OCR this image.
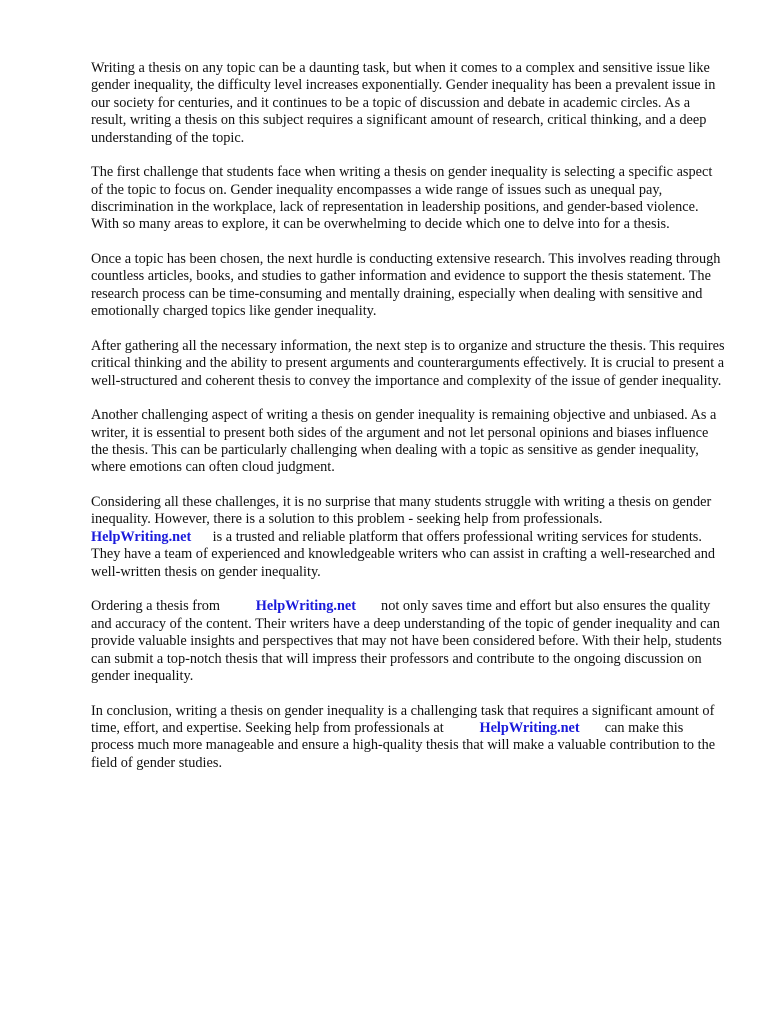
Writing a thesis on any topic can be a daunting task, but when it comes to a complex and sensitive issue like gender inequality, the difficulty level increases exponentially. Gender inequality has been a prevalent issue in our society for centuries, and it continues to be a topic of discussion and debate in academic circles. As a result, writing a thesis on this subject requires a significant amount of research, critical thinking, and a deep understanding of the topic.

The first challenge that students face when writing a thesis on gender inequality is selecting a specific aspect of the topic to focus on. Gender inequality encompasses a wide range of issues such as unequal pay, discrimination in the workplace, lack of representation in leadership positions, and gender-based violence. With so many areas to explore, it can be overwhelming to decide which one to delve into for a thesis.

Once a topic has been chosen, the next hurdle is conducting extensive research. This involves reading through countless articles, books, and studies to gather information and evidence to support the thesis statement. The research process can be time-consuming and mentally draining, especially when dealing with sensitive and emotionally charged topics like gender inequality.

After gathering all the necessary information, the next step is to organize and structure the thesis. This requires critical thinking and the ability to present arguments and counterarguments effectively. It is crucial to present a well-structured and coherent thesis to convey the importance and complexity of the issue of gender inequality.

Another challenging aspect of writing a thesis on gender inequality is remaining objective and unbiased. As a writer, it is essential to present both sides of the argument and not let personal opinions and biases influence the thesis. This can be particularly challenging when dealing with a topic as sensitive as gender inequality, where emotions can often cloud judgment.

Considering all these challenges, it is no surprise that many students struggle with writing a thesis on gender inequality. However, there is a solution to this problem - seeking help from professionals. HelpWriting.net is a trusted and reliable platform that offers professional writing services for students. They have a team of experienced and knowledgeable writers who can assist in crafting a well-researched and well-written thesis on gender inequality.

Ordering a thesis from	HelpWriting.net not only saves time and effort but also ensures the quality and accuracy of the content. Their writers have a deep understanding of the topic of gender inequality and can provide valuable insights and perspectives that may not have been considered before. With their help, students can submit a top-notch thesis that will impress their professors and contribute to the ongoing discussion on gender inequality.

In conclusion, writing a thesis on gender inequality is a challenging task that requires a significant amount of time, effort, and expertise. Seeking help from professionals at	HelpWriting.net can make this process much more manageable and ensure a high-quality thesis that will make a valuable contribution to the field of gender studies.
